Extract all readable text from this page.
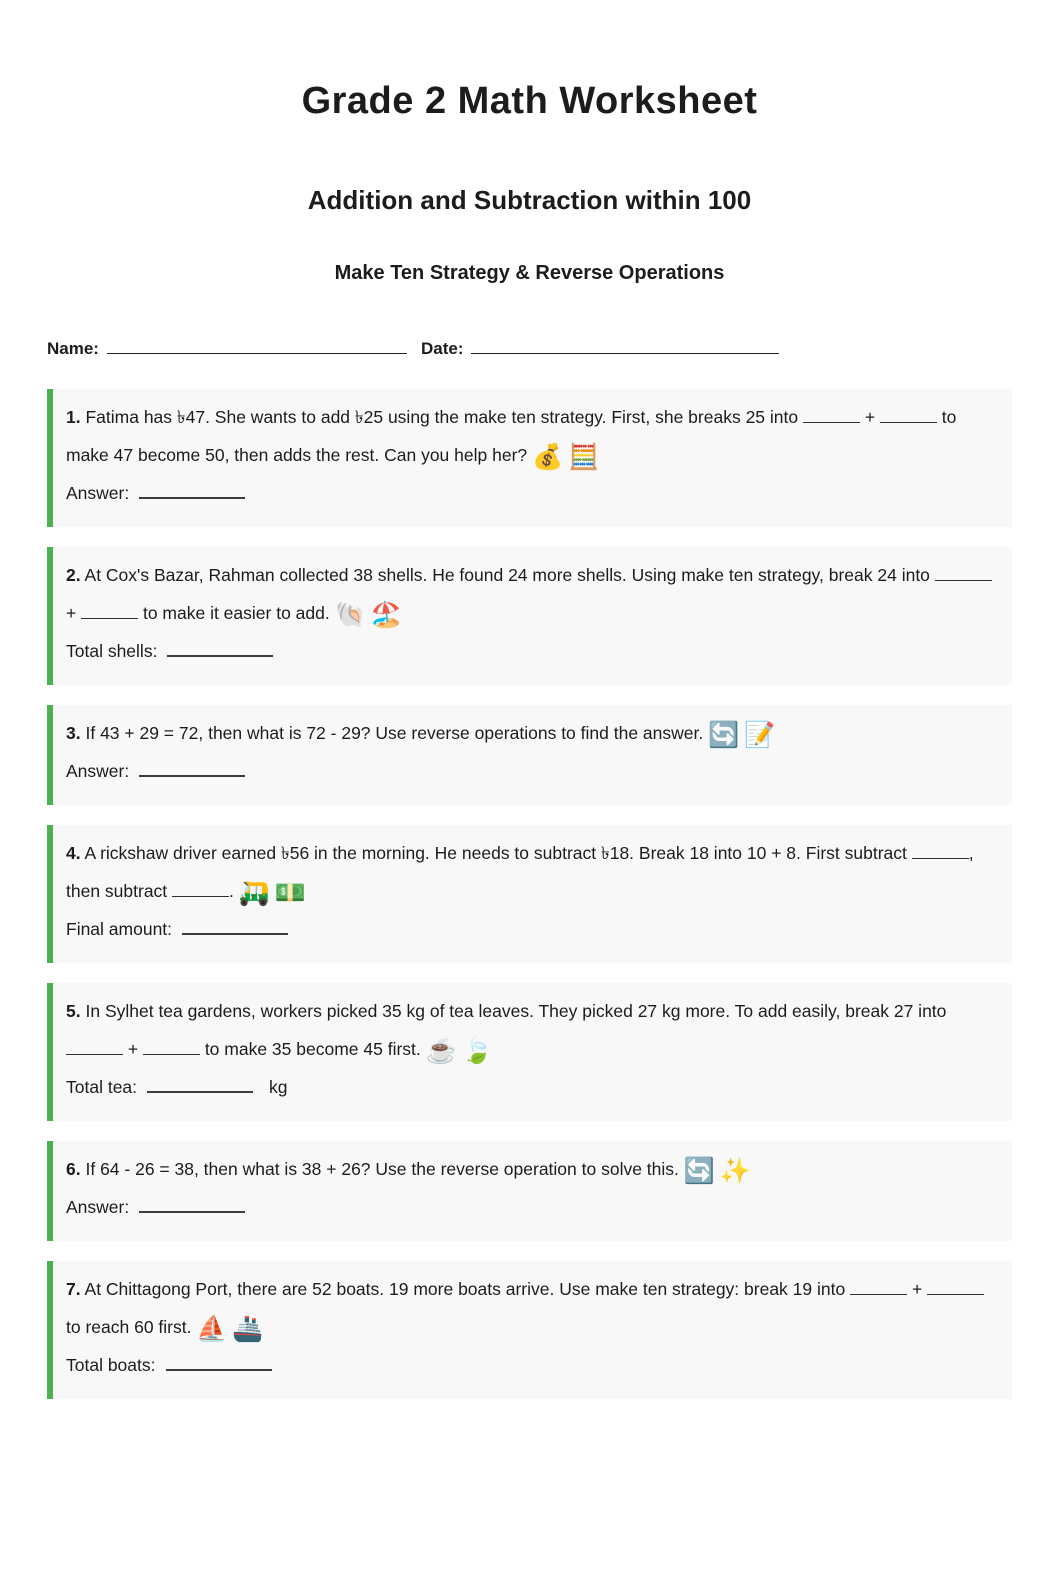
Grade 2 Math Worksheet
Addition and Subtraction within 100
Make Ten Strategy & Reverse Operations
Name:	Date:

1. Fatima has ৳47. She wants to add ৳25 using the make ten strategy. First, she breaks 25 into	+	to make 47 become 50, then adds the rest. Can you help her? 💰 🧮

Answer:

2. At Cox's Bazar, Rahman collected 38 shells. He found 24 more shells. Using make ten strategy, break 24 into  +	to make it easier to add. 🐚 🏖️

Total shells:

3. If 43 + 29 = 72, then what is 72 - 29? Use reverse operations to find the answer. 🔄 📝

Answer:

4. A rickshaw driver earned ৳56 in the morning. He needs to subtract ৳18. Break 18 into 10 + 8. First subtract	, then subtract	. 🛺 💵

Final amount:

5. In Sylhet tea gardens, workers picked 35 kg of tea leaves. They picked 27 kg more. To add easily, break 27 into  +	to make 35 become 45 first. ☕ 🍃

Total tea:	kg

6. If 64 - 26 = 38, then what is 38 + 26? Use the reverse operation to solve this. 🔄 ✨

Answer:

7. At Chittagong Port, there are 52 boats. 19 more boats arrive. Use make ten strategy: break 19 into	+  to reach 60 first. ⛵ 🚢

Total boats:
